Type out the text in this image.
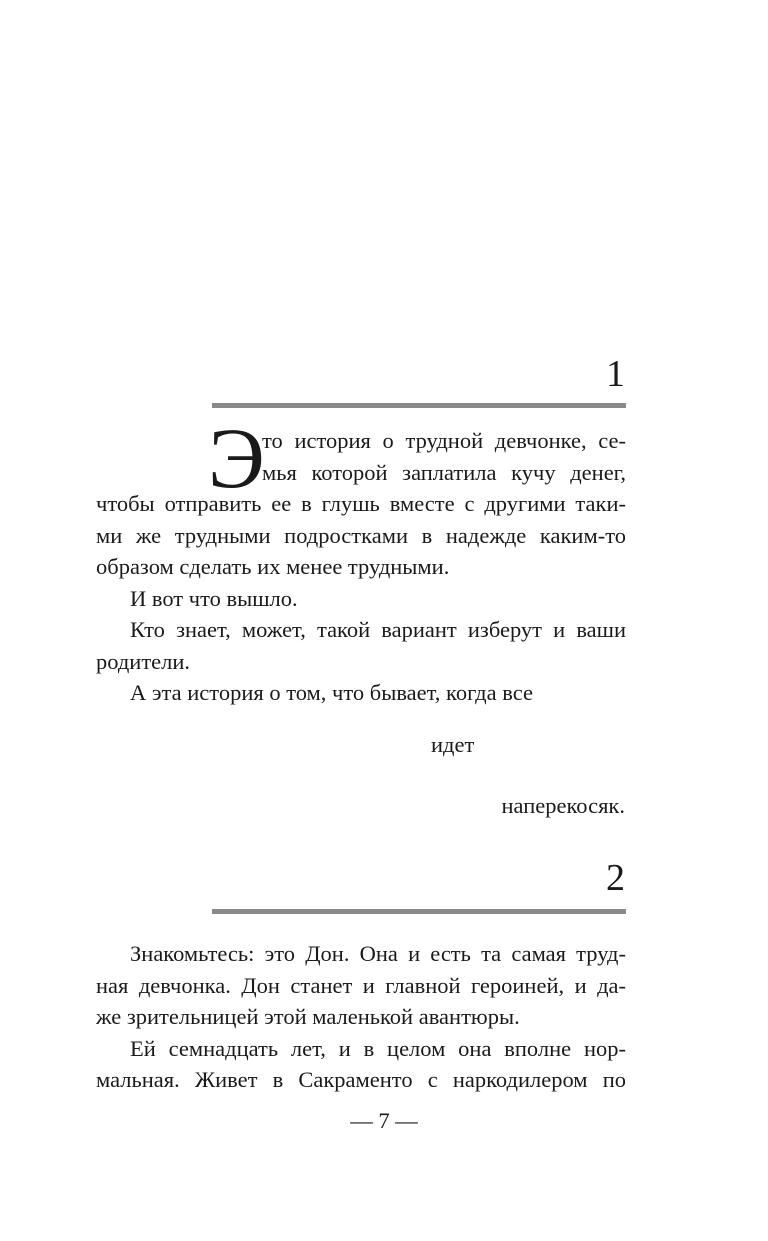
1
Э
то история о трудной девчонке, се-
мья которой заплатила кучу денег,
чтобы отправить ее в глушь вместе с другими таки-
ми же трудными подростками в надежде каким-то
образом сделать их менее трудными.
И вот что вышло.
Кто знает, может, такой вариант изберут и ваши
родители.
А эта история о том, что бывает, когда все
идет
наперекосяк.
2
Знакомьтесь: это Дон. Она и есть та самая труд-
ная девчонка. Дон станет и главной героиней, и да-
же зрительницей этой маленькой авантюры.
Ей семнадцать лет, и в целом она вполне нор-
мальная. Живет в Сакраменто с наркодилером по
— 7 —
